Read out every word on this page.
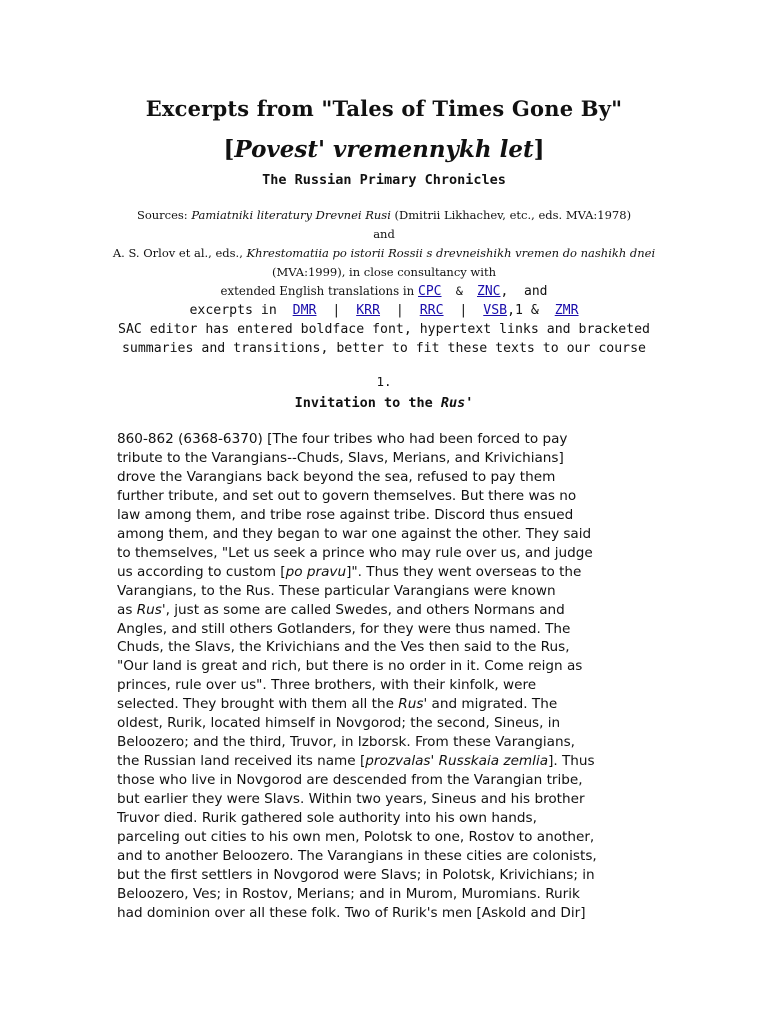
Excerpts from "Tales of Times Gone By"
[Povest' vremennykh let]
The Russian Primary Chronicles
Sources: Pamiatniki literatury Drevnei Rusi (Dmitrii Likhachev, etc., eds. MVA:1978)
and
A. S. Orlov et al., eds., Khrestomatiia po istorii Rossii s drevneishikh vremen do nashikh dnei (MVA:1999), in close consultancy with
extended English translations in CPC  &  ZNC,  and
excerpts in  DMR  |  KRR  |  RRC  |  VSB,1 &  ZMR
SAC editor has entered boldface font, hypertext links and bracketed
summaries and transitions, better to fit these texts to our course
1.
Invitation to the Rus'
860-862 (6368-6370) [The four tribes who had been forced to pay
tribute to the Varangians--Chuds, Slavs, Merians, and Krivichians]
drove the Varangians back beyond the sea, refused to pay them
further tribute, and set out to govern themselves. But there was no
law among them, and tribe rose against tribe. Discord thus ensued
among them, and they began to war one against the other. They said
to themselves, "Let us seek a prince who may rule over us, and judge
us according to custom [po pravu]". Thus they went overseas to the
Varangians, to the Rus. These particular Varangians were known
as Rus', just as some are called Swedes, and others Normans and
Angles, and still others Gotlanders, for they were thus named. The
Chuds, the Slavs, the Krivichians and the Ves then said to the Rus,
"Our land is great and rich, but there is no order in it. Come reign as
princes, rule over us". Three brothers, with their kinfolk, were
selected. They brought with them all the Rus' and migrated. The
oldest, Rurik, located himself in Novgorod; the second, Sineus, in
Beloozero; and the third, Truvor, in Izborsk. From these Varangians,
the Russian land received its name [prozvalas' Russkaia zemlia]. Thus
those who live in Novgorod are descended from the Varangian tribe,
but earlier they were Slavs. Within two years, Sineus and his brother
Truvor died. Rurik gathered sole authority into his own hands,
parceling out cities to his own men, Polotsk to one, Rostov to another,
and to another Beloozero. The Varangians in these cities are colonists,
but the first settlers in Novgorod were Slavs; in Polotsk, Krivichians; in
Beloozero, Ves; in Rostov, Merians; and in Murom, Muromians. Rurik
had dominion over all these folk. Two of Rurik's men [Askold and Dir]
